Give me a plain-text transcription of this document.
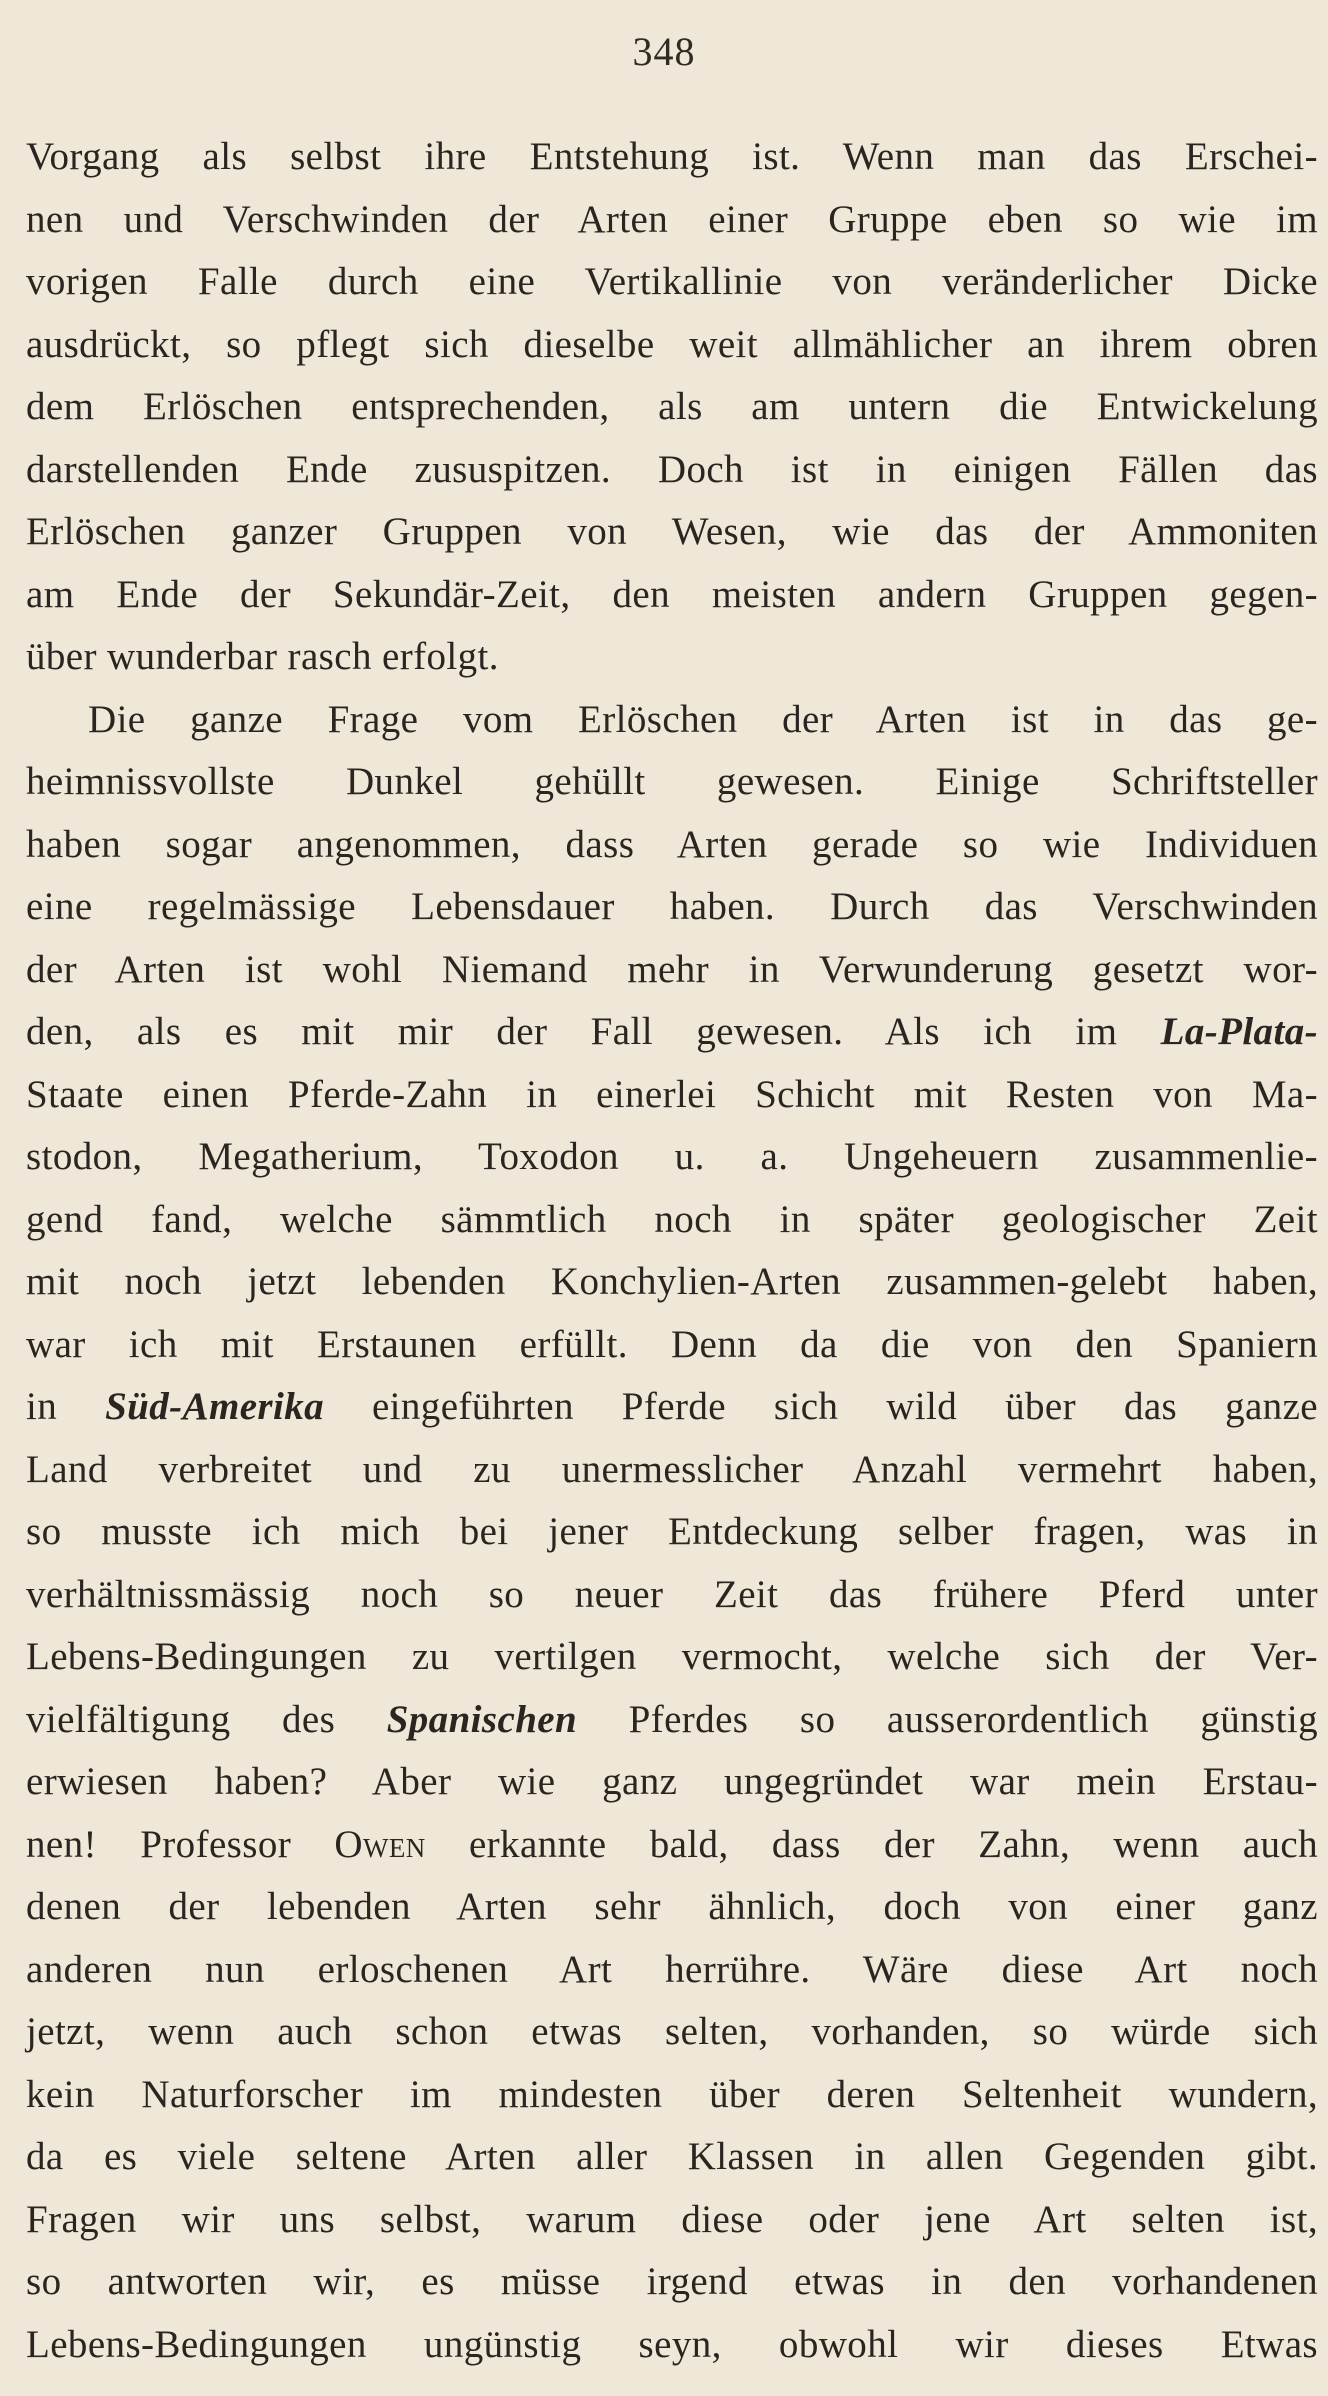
348
Vorgang als selbst ihre Entstehung ist. Wenn man das Erschei-
nen und Verschwinden der Arten einer Gruppe eben so wie im
vorigen Falle durch eine Vertikallinie von veränderlicher Dicke
ausdrückt, so pflegt sich dieselbe weit allmählicher an ihrem obren
dem Erlöschen entsprechenden, als am untern die Entwickelung
darstellenden Ende zususpitzen. Doch ist in einigen Fällen das
Erlöschen ganzer Gruppen von Wesen, wie das der Ammoniten
am Ende der Sekundär-Zeit, den meisten andern Gruppen gegen-
über wunderbar rasch erfolgt.
Die ganze Frage vom Erlöschen der Arten ist in das ge-
heimnissvollste Dunkel gehüllt gewesen. Einige Schriftsteller
haben sogar angenommen, dass Arten gerade so wie Individuen
eine regelmässige Lebensdauer haben. Durch das Verschwinden
der Arten ist wohl Niemand mehr in Verwunderung gesetzt wor-
den, als es mit mir der Fall gewesen. Als ich im La-Plata-
Staate einen Pferde-Zahn in einerlei Schicht mit Resten von Ma-
stodon, Megatherium, Toxodon u. a. Ungeheuern zusammenlie-
gend fand, welche sämmtlich noch in später geologischer Zeit
mit noch jetzt lebenden Konchylien-Arten zusammen-gelebt haben,
war ich mit Erstaunen erfüllt. Denn da die von den Spaniern
in Süd-Amerika eingeführten Pferde sich wild über das ganze
Land verbreitet und zu unermesslicher Anzahl vermehrt haben,
so musste ich mich bei jener Entdeckung selber fragen, was in
verhältnissmässig noch so neuer Zeit das frühere Pferd unter
Lebens-Bedingungen zu vertilgen vermocht, welche sich der Ver-
vielfältigung des Spanischen Pferdes so ausserordentlich günstig
erwiesen haben? Aber wie ganz ungegründet war mein Erstau-
nen! Professor Owen erkannte bald, dass der Zahn, wenn auch
denen der lebenden Arten sehr ähnlich, doch von einer ganz
anderen nun erloschenen Art herrühre. Wäre diese Art noch
jetzt, wenn auch schon etwas selten, vorhanden, so würde sich
kein Naturforscher im mindesten über deren Seltenheit wundern,
da es viele seltene Arten aller Klassen in allen Gegenden gibt.
Fragen wir uns selbst, warum diese oder jene Art selten ist,
so antworten wir, es müsse irgend etwas in den vorhandenen
Lebens-Bedingungen ungünstig seyn, obwohl wir dieses Etwas
